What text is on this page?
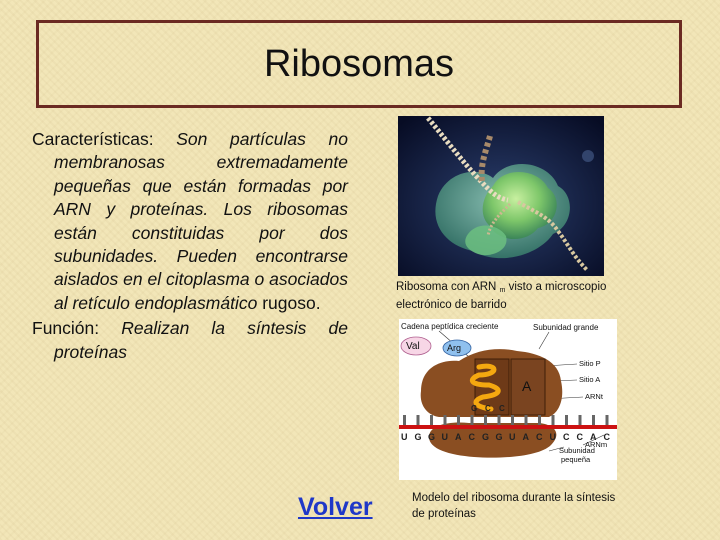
Ribosomas

Características: Son partículas no membranosas extremadamente pequeñas que están formadas por ARN y proteínas. Los ribosomas están constituidas por dos subunidades. Pueden encontrarse aislados en el citoplasma o asociados al retículo endoplasmático rugoso.

Función: Realizan la síntesis de proteínas

Ribosoma con ARN $_m$ visto a microscopio electrónico de barrido
Cadena peptídica creciente	Subunidad grande
Sitio P
Sitio A
ARNt
ARNm
Subunidad
pequeña
A
Val	Arg
G C C
U G G U A C G G U A C U C C A C
Modelo del ribosoma durante la síntesis de proteínas
Volver
